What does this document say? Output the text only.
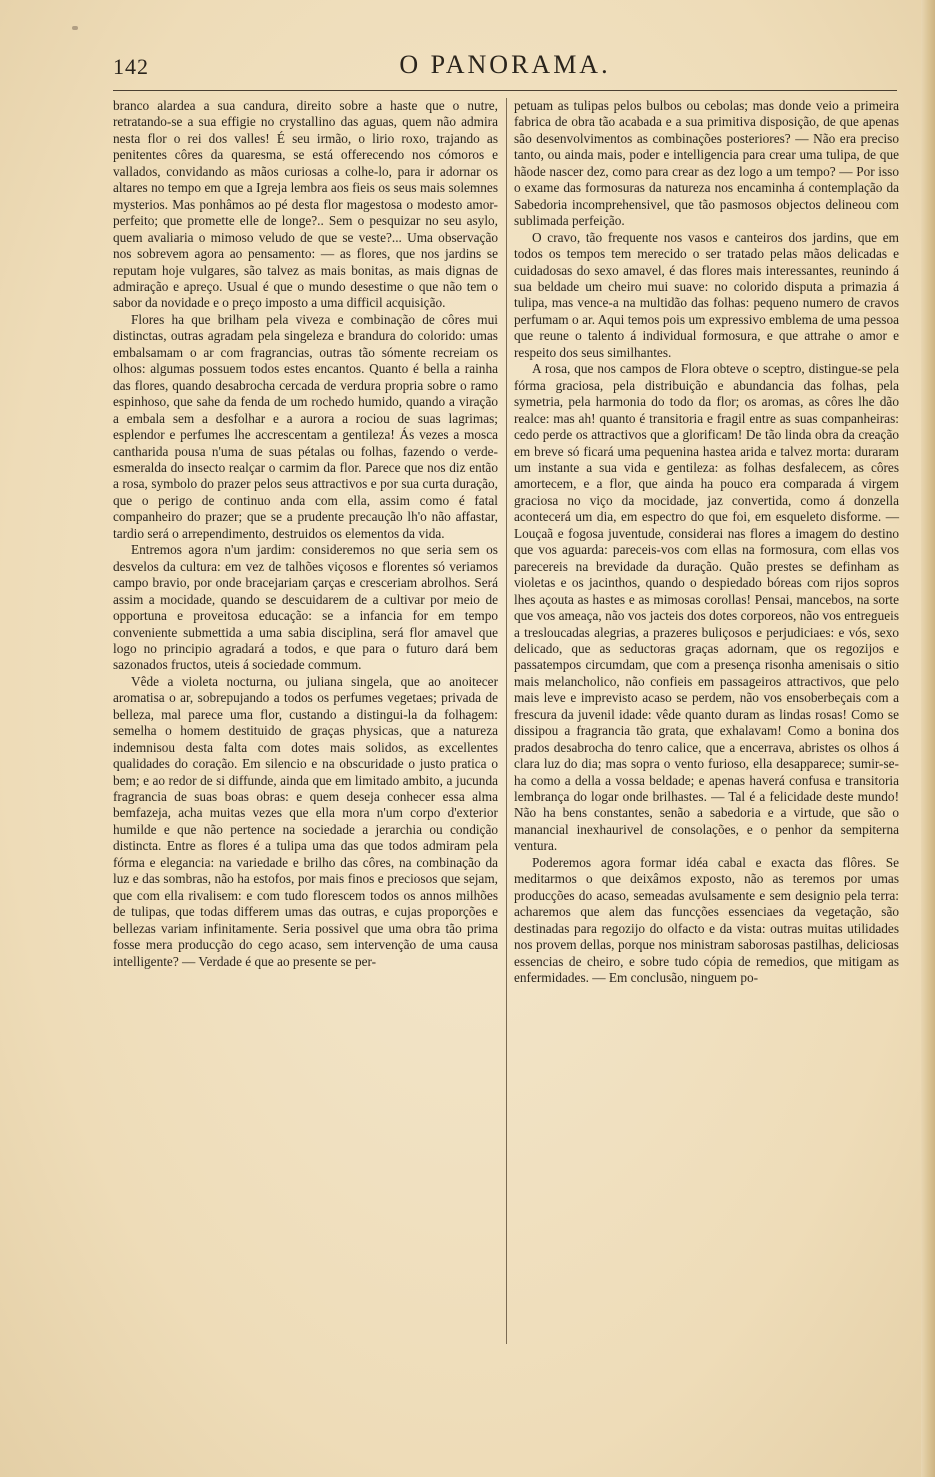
142	O PANORAMA.

branco alardea a sua candura, direito sobre a haste que o nutre, retratando-se a sua effigie no crystallino das aguas, quem não admira nesta flor o rei dos valles! É seu irmão, o lirio roxo, trajando as penitentes côres da quaresma, se está offerecendo nos cómoros e vallados, convidando as mãos curiosas a colhe-lo, para ir adornar os altares no tempo em que a Igreja lembra aos fieis os seus mais solemnes mysterios. Mas ponhâmos ao pé desta flor magestosa o modesto amor-perfeito; que promette elle de longe?.. Sem o pesquizar no seu asylo, quem avaliaria o mimoso veludo de que se veste?... Uma observação nos sobrevem agora ao pensamento: — as flores, que nos jardins se reputam hoje vulgares, são talvez as mais bonitas, as mais dignas de admiração e apreço. Usual é que o mundo desestime o que não tem o sabor da novidade e o preço imposto a uma difficil acquisição.

Flores ha que brilham pela viveza e combinação de côres mui distinctas, outras agradam pela singeleza e brandura do colorido: umas embalsamam o ar com fragrancias, outras tão sómente recreiam os olhos: algumas possuem todos estes encantos. Quanto é bella a rainha das flores, quando desabrocha cercada de verdura propria sobre o ramo espinhoso, que sahe da fenda de um rochedo humido, quando a viração a embala sem a desfolhar e a aurora a rociou de suas lagrimas; esplendor e perfumes lhe accrescentam a gentileza! Ás vezes a mosca cantharida pousa n'uma de suas pétalas ou folhas, fazendo o verde-esmeralda do insecto realçar o carmim da flor. Parece que nos diz então a rosa, symbolo do prazer pelos seus attractivos e por sua curta duração, que o perigo de continuo anda com ella, assim como é fatal companheiro do prazer; que se a prudente precaução lh'o não affastar, tardio será o arrependimento, destruidos os elementos da vida.

Entremos agora n'um jardim: consideremos no que seria sem os desvelos da cultura: em vez de talhões viçosos e florentes só veriamos campo bravio, por onde bracejariam çarças e cresceriam abrolhos. Será assim a mocidade, quando se descuidarem de a cultivar por meio de opportuna e proveitosa educação: se a infancia for em tempo conveniente submettida a uma sabia disciplina, será flor amavel que logo no principio agradará a todos, e que para o futuro dará bem sazonados fructos, uteis á sociedade commum.

Vêde a violeta nocturna, ou juliana singela, que ao anoitecer aromatisa o ar, sobrepujando a todos os perfumes vegetaes; privada de belleza, mal parece uma flor, custando a distingui-la da folhagem: semelha o homem destituido de graças physicas, que a natureza indemnisou desta falta com dotes mais solidos, as excellentes qualidades do coração. Em silencio e na obscuridade o justo pratica o bem; e ao redor de si diffunde, ainda que em limitado ambito, a jucunda fragrancia de suas boas obras: e quem deseja conhecer essa alma bemfazeja, acha muitas vezes que ella mora n'um corpo d'exterior humilde e que não pertence na sociedade a jerarchia ou condição distincta. Entre as flores é a tulipa uma das que todos admiram pela fórma e elegancia: na variedade e brilho das côres, na combinação da luz e das sombras, não ha estofos, por mais finos e preciosos que sejam, que com ella rivalisem: e com tudo florescem todos os annos milhões de tulipas, que todas differem umas das outras, e cujas proporções e bellezas variam infinitamente. Seria possivel que uma obra tão prima fosse mera producção do cego acaso, sem intervenção de uma causa intelligente? — Verdade é que ao presente se per-

petuam as tulipas pelos bulbos ou cebolas; mas donde veio a primeira fabrica de obra tão acabada e a sua primitiva disposição, de que apenas são desenvolvimentos as combinações posteriores? — Não era preciso tanto, ou ainda mais, poder e intelligencia para crear uma tulipa, de que hãode nascer dez, como para crear as dez logo a um tempo? — Por isso o exame das formosuras da natureza nos encaminha á contemplação da Sabedoria incomprehensivel, que tão pasmosos objectos delineou com sublimada perfeição.

O cravo, tão frequente nos vasos e canteiros dos jardins, que em todos os tempos tem merecido o ser tratado pelas mãos delicadas e cuidadosas do sexo amavel, é das flores mais interessantes, reunindo á sua beldade um cheiro mui suave: no colorido disputa a primazia á tulipa, mas vence-a na multidão das folhas: pequeno numero de cravos perfumam o ar. Aqui temos pois um expressivo emblema de uma pessoa que reune o talento á individual formosura, e que attrahe o amor e respeito dos seus similhantes.

A rosa, que nos campos de Flora obteve o sceptro, distingue-se pela fórma graciosa, pela distribuição e abundancia das folhas, pela symetria, pela harmonia do todo da flor; os aromas, as côres lhe dão realce: mas ah! quanto é transitoria e fragil entre as suas companheiras: cedo perde os attractivos que a glorificam! De tão linda obra da creação em breve só ficará uma pequenina hastea arida e talvez morta: duraram um instante a sua vida e gentileza: as folhas desfalecem, as côres amortecem, e a flor, que ainda ha pouco era comparada á virgem graciosa no viço da mocidade, jaz convertida, como á donzella acontecerá um dia, em espectro do que foi, em esqueleto disforme. — Louçaã e fogosa juventude, considerai nas flores a imagem do destino que vos aguarda: pareceis-vos com ellas na formosura, com ellas vos parecereis na brevidade da duração. Quão prestes se definham as violetas e os jacinthos, quando o despiedado bóreas com rijos sopros lhes açouta as hastes e as mimosas corollas! Pensai, mancebos, na sorte que vos ameaça, não vos jacteis dos dotes corporeos, não vos entregueis a tresloucadas alegrias, a prazeres buliçosos e perjudiciaes: e vós, sexo delicado, que as seductoras graças adornam, que os regozijos e passatempos circumdam, que com a presença risonha amenisais o sitio mais melancholico, não confieis em passageiros attractivos, que pelo mais leve e imprevisto acaso se perdem, não vos ensoberbeçais com a frescura da juvenil idade: vêde quanto duram as lindas rosas! Como se dissipou a fragrancia tão grata, que exhalavam! Como a bonina dos prados desabrocha do tenro calice, que a encerrava, abristes os olhos á clara luz do dia; mas sopra o vento furioso, ella desapparece; sumir-se-ha como a della a vossa beldade; e apenas haverá confusa e transitoria lembrança do logar onde brilhastes. — Tal é a felicidade deste mundo! Não ha bens constantes, senão a sabedoria e a virtude, que são o manancial inexhaurivel de consolações, e o penhor da sempiterna ventura.

Poderemos agora formar idéa cabal e exacta das flôres. Se meditarmos o que deixâmos exposto, não as teremos por umas producções do acaso, semeadas avulsamente e sem designio pela terra: acharemos que alem das funcções essenciaes da vegetação, são destinadas para regozijo do olfacto e da vista: outras muitas utilidades nos provem dellas, porque nos ministram saborosas pastilhas, deliciosas essencias de cheiro, e sobre tudo cópia de remedios, que mitigam as enfermidades. — Em conclusão, ninguem po-
